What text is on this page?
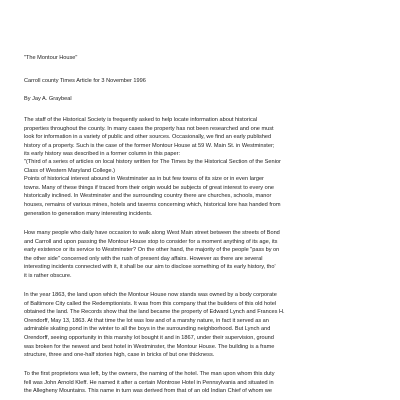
"The Montour House"

Carroll county Times Article for 3 November 1996

By Jay A. Graybeal

The staff of the Historical Society is frequently asked to help locate information about historical
properties throughout the county. In many cases the property has not been researched and one must
look for information in a variety of public and other sources. Occasionally, we find an early published
history of a property. Such is the case of the former Montour House at 59 W. Main St. in Westminster;
its early history was described in a former column in this paper:

"(Third of a series of articles on local history written for The Times by the Historical Section of the Senior
Class of Western Maryland College.)
Points of historical interest abound in Westminster as in but few towns of its size or in even larger
towns. Many of these things if traced from their origin would be subjects of great interest to every one
historically inclined. In Westminster and the surrounding country there are churches, schools, manor
houses, remains of various mines, hotels and taverns concerning which, historical lore has handed from
generation to generation many interesting incidents.

How many people who daily have occasion to walk along West Main street between the streets of Bond
and Carroll and upon passing the Montour House stop to consider for a moment anything of its age, its
early existence or its service to Westminster? On the other hand, the majority of the people "pass by on
the other side" concerned only with the rush of present day affairs. However as there are several
interesting incidents connected with it, it shall be our aim to disclose something of its early history, tho'
it is rather obscure.

In the year 1863, the land upon which the Montour House now stands was owned by a body corporate
of Baltimore City called the Redemptionists. It was from this company that the builders of this old hotel
obtained the land. The Records show that the land became the property of Edward Lynch and Frances H.
Orendorff, May 13, 1863. At that time the lot was low and of a marshy nature, in fact it served as an
admirable skating pond in the winter to all the boys in the surrounding neighborhood. But Lynch and
Orendorff, seeing opportunity in this marshy lot bought it and in 1867, under their supervision, ground
was broken for the newest and best hotel in Westminster, the Montour House. The building is a frame
structure, three and one-half stories high, case in bricks of but one thickness.

To the first proprietors was left, by the owners, the naming of the hotel. The man upon whom this duty
fell was John Arnold Kleff. He named it after a certain Montrose Hotel in Pennsylvania and situated in
the Allegheny Mountains. This name in turn was derived from that of an old Indian Chief of whom we
